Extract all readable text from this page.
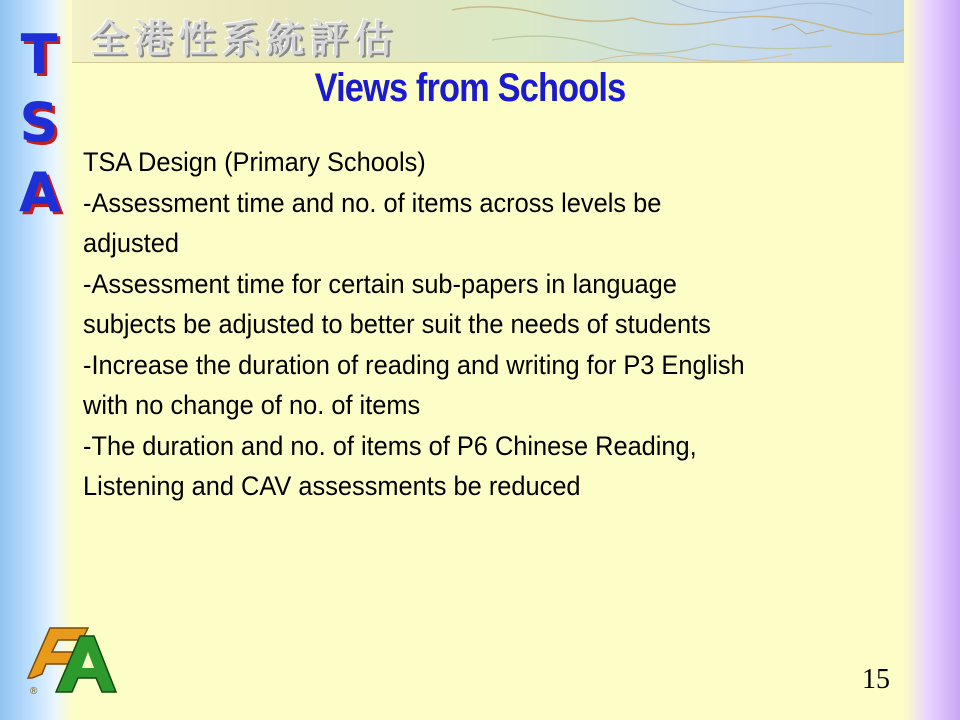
全港性系統評估
T
S
A
®
Views from Schools
TSA Design (Primary Schools)
-Assessment time and no. of items across levels be
adjusted
-Assessment time for certain sub-papers in language
subjects be adjusted to better suit the needs of students
-Increase the duration of reading and writing for P3 English
with no change of no. of items
-The duration and no. of items of P6 Chinese Reading,
Listening and CAV assessments be reduced
15
